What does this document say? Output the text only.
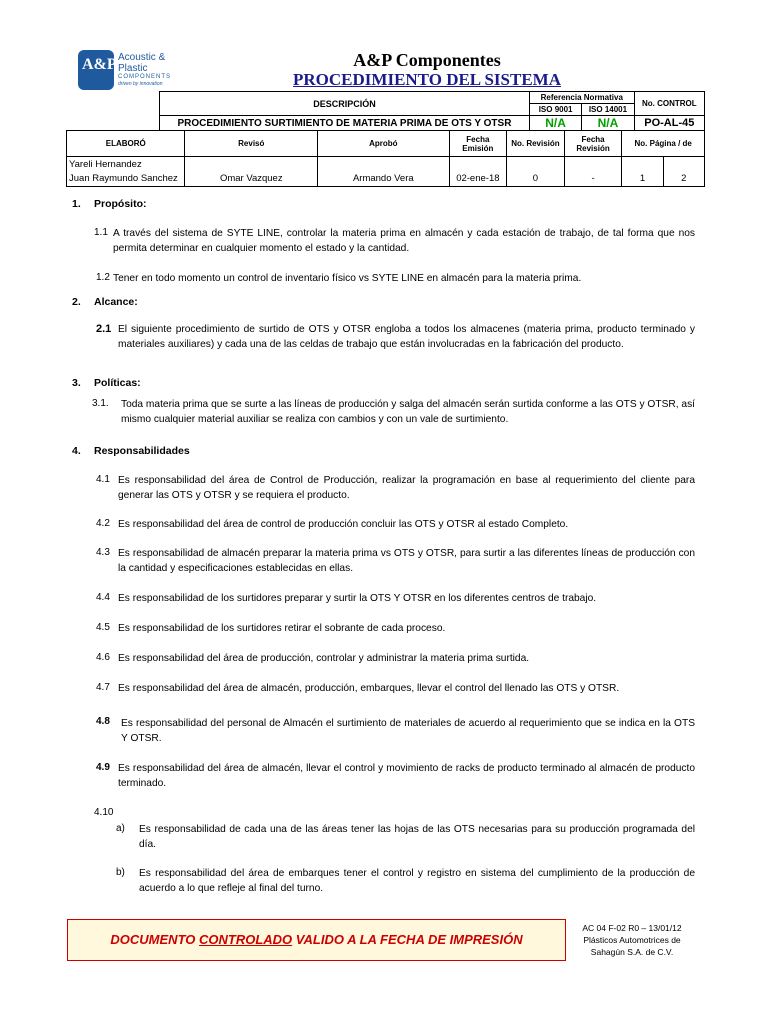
A&P Acoustic &
Plastic
COMPONENTS
driven by innovation
A&P Componentes
PROCEDIMIENTO DEL SISTEMA
DESCRIPCIÓN	Referencia Normativa		No. CONTROL
	ISO 9001	ISO 14001	
PROCEDIMIENTO SURTIMIENTO DE MATERIA PRIMA DE OTS Y OTSR	N/A	N/A	PO-AL-45
ELABORÓ	Revisó	Aprobó	Fecha Emisión	No. Revisión	Fecha Revisión	No. Página / de	

Yareli Hernandez
Juan Raymundo Sanchez	Omar Vazquez	Armando Vera	02-ene-18	0	-	1	2
1. Propósito:
1.1 A través del sistema de SYTE LINE, controlar la materia prima en almacén y cada estación de trabajo, de tal forma que nos permita determinar en cualquier momento el estado y la cantidad.
1.2 Tener en todo momento un control de inventario físico vs SYTE LINE en almacén para la materia prima.
2. Alcance:
2.1 El siguiente procedimiento de surtido de OTS y OTSR engloba a todos los almacenes (materia prima, producto terminado y materiales auxiliares) y cada una de las celdas de trabajo que están involucradas en la fabricación del producto.
3. Políticas:
3.1. Toda materia prima que se surte a las líneas de producción y salga del almacén serán surtida conforme a las OTS y OTSR, así mismo cualquier material auxiliar se realiza con cambios y con un vale de surtimiento.
4. Responsabilidades
4.1 Es responsabilidad del área de Control de Producción, realizar la programación en base al requerimiento del cliente para generar las OTS y OTSR y se requiera el producto.
4.2 Es responsabilidad del área de control de producción concluir las OTS y OTSR al estado Completo.
4.3 Es responsabilidad de almacén preparar la materia prima vs OTS y OTSR, para surtir a las diferentes líneas de producción con la cantidad y especificaciones establecidas en ellas.
4.4 Es responsabilidad de los surtidores preparar y surtir la OTS Y OTSR en los diferentes centros de trabajo.
4.5 Es responsabilidad de los surtidores retirar el sobrante de cada proceso.
4.6 Es responsabilidad del área de producción, controlar y administrar la materia prima surtida.
4.7 Es responsabilidad del área de almacén, producción, embarques, llevar el control del llenado las OTS y OTSR.
4.8 Es responsabilidad del personal de Almacén el surtimiento de materiales de acuerdo al requerimiento que se indica en la OTS Y OTSR.
4.9 Es responsabilidad del área de almacén, llevar el control y movimiento de racks de producto terminado al almacén de producto terminado.
4.10
a) Es responsabilidad de cada una de las áreas tener las hojas de las OTS necesarias para su producción programada del día.
b) Es responsabilidad del área de embarques tener el control y registro en sistema del cumplimiento de la producción de acuerdo a lo que refleje al final del turno.
DOCUMENTO CONTROLADO VALIDO A LA FECHA DE IMPRESIÓN
AC 04 F-02 R0 – 13/01/12
Plásticos Automotrices de
Sahagún S.A. de C.V.
